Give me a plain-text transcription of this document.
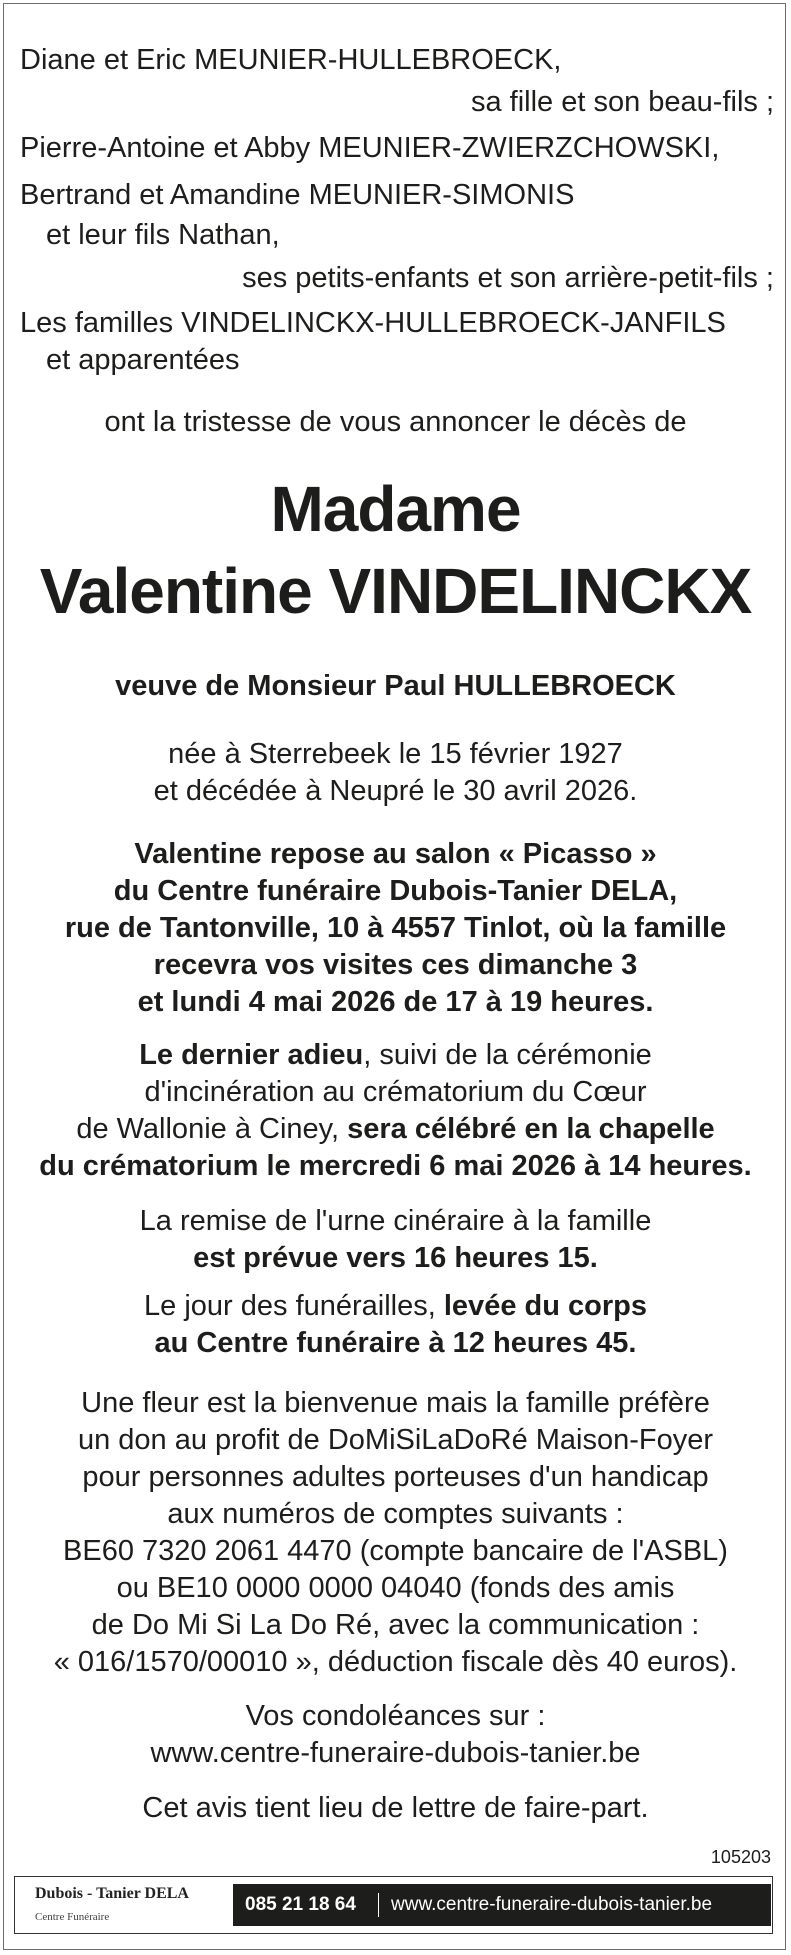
Diane et Eric MEUNIER-HULLEBROECK,
sa fille et son beau-fils ;
Pierre-Antoine et Abby MEUNIER-ZWIERZCHOWSKI,
Bertrand et Amandine MEUNIER-SIMONIS
et leur fils Nathan,
ses petits-enfants et son arrière-petit-fils ;
Les familles VINDELINCKX-HULLEBROECK-JANFILS
et apparentées
ont la tristesse de vous annoncer le décès de
Madame
Valentine VINDELINCKX
veuve de Monsieur Paul HULLEBROECK
née à Sterrebeek le 15 février 1927
et décédée à Neupré le 30 avril 2026.
Valentine repose au salon « Picasso »
du Centre funéraire Dubois-Tanier DELA,
rue de Tantonville, 10 à 4557 Tinlot, où la famille
recevra vos visites ces dimanche 3
et lundi 4 mai 2026 de 17 à 19 heures.
Le dernier adieu, suivi de la cérémonie
d'incinération au crématorium du Cœur
de Wallonie à Ciney, sera célébré en la chapelle
du crématorium le mercredi 6 mai 2026 à 14 heures.
La remise de l'urne cinéraire à la famille
est prévue vers 16 heures 15.
Le jour des funérailles, levée du corps
au Centre funéraire à 12 heures 45.
Une fleur est la bienvenue mais la famille préfère
un don au profit de DoMiSiLaDoRé Maison-Foyer
pour personnes adultes porteuses d'un handicap
aux numéros de comptes suivants :
BE60 7320 2061 4470 (compte bancaire de l'ASBL)
ou BE10 0000 0000 04040 (fonds des amis
de Do Mi Si La Do Ré, avec la communication :
« 016/1570/00010 », déduction fiscale dès 40 euros).
Vos condoléances sur :
www.centre-funeraire-dubois-tanier.be
Cet avis tient lieu de lettre de faire-part.
105203
Dubois - Tanier DELA
Centre Funéraire
085 21 18 64 www.centre-funeraire-dubois-tanier.be
